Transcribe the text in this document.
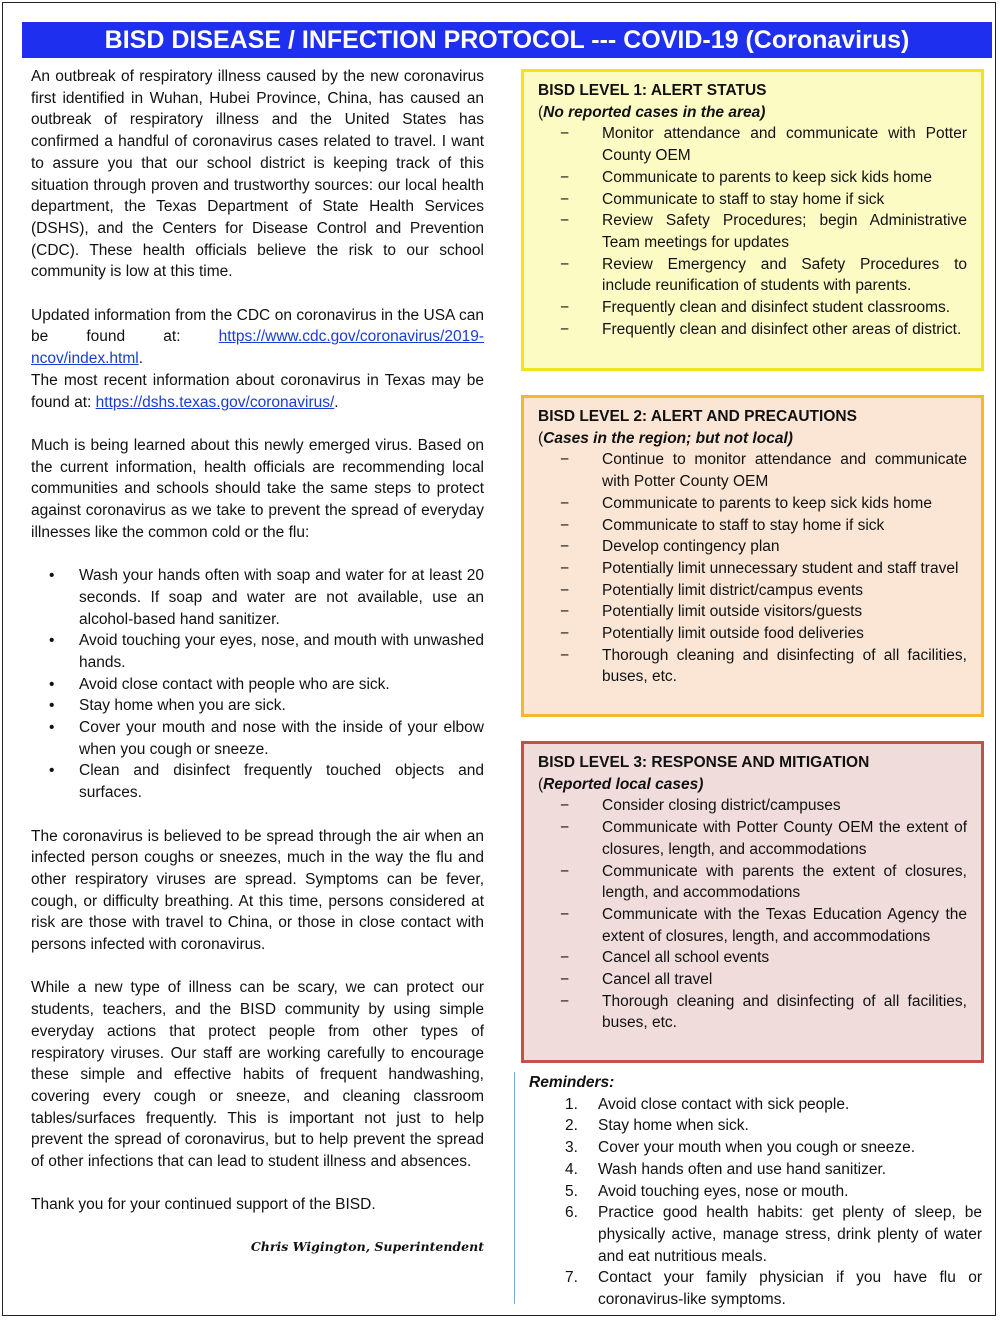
BISD DISEASE / INFECTION PROTOCOL --- COVID-19 (Coronavirus)

An outbreak of respiratory illness caused by the new coronavirus first identified in Wuhan, Hubei Province, China, has caused an outbreak of respiratory illness and the United States has confirmed a handful of coronavirus cases related to travel. I want to assure you that our school district is keeping track of this situation through proven and trustworthy sources: our local health department, the Texas Department of State Health Services (DSHS), and the Centers for Disease Control and Prevention (CDC). These health officials believe the risk to our school community is low at this time.

Updated information from the CDC on coronavirus in the USA can be found at: https://www.cdc.gov/coronavirus/2019-ncov/index.html.

The most recent information about coronavirus in Texas may be found at: https://dshs.texas.gov/coronavirus/.

Much is being learned about this newly emerged virus. Based on the current information, health officials are recommending local communities and schools should take the same steps to protect against coronavirus as we take to prevent the spread of everyday illnesses like the common cold or the flu:

• Wash your hands often with soap and water for at least 20 seconds. If soap and water are not available, use an alcohol-based hand sanitizer.
• Avoid touching your eyes, nose, and mouth with unwashed hands.
• Avoid close contact with people who are sick.
• Stay home when you are sick.
• Cover your mouth and nose with the inside of your elbow when you cough or sneeze.
• Clean and disinfect frequently touched objects and surfaces.

The coronavirus is believed to be spread through the air when an infected person coughs or sneezes, much in the way the flu and other respiratory viruses are spread. Symptoms can be fever, cough, or difficulty breathing. At this time, persons considered at risk are those with travel to China, or those in close contact with persons infected with coronavirus.

While a new type of illness can be scary, we can protect our students, teachers, and the BISD community by using simple everyday actions that protect people from other types of respiratory viruses. Our staff are working carefully to encourage these simple and effective habits of frequent handwashing, covering every cough or sneeze, and cleaning classroom tables/surfaces frequently. This is important not just to help prevent the spread of coronavirus, but to help prevent the spread of other infections that can lead to student illness and absences.

Thank you for your continued support of the BISD.

Chris Wigington, Superintendent
BISD LEVEL 1: ALERT STATUS
(No reported cases in the area)
− Monitor attendance and communicate with Potter County OEM
− Communicate to parents to keep sick kids home
− Communicate to staff to stay home if sick
− Review Safety Procedures; begin Administrative Team meetings for updates
− Review Emergency and Safety Procedures to include reunification of students with parents.
− Frequently clean and disinfect student classrooms.
− Frequently clean and disinfect other areas of district.
BISD LEVEL 2: ALERT AND PRECAUTIONS
(Cases in the region; but not local)
− Continue to monitor attendance and communicate with Potter County OEM
− Communicate to parents to keep sick kids home
− Communicate to staff to stay home if sick
− Develop contingency plan
− Potentially limit unnecessary student and staff travel
− Potentially limit district/campus events
− Potentially limit outside visitors/guests
− Potentially limit outside food deliveries
− Thorough cleaning and disinfecting of all facilities, buses, etc.
BISD LEVEL 3: RESPONSE AND MITIGATION
(Reported local cases)
− Consider closing district/campuses
− Communicate with Potter County OEM the extent of closures, length, and accommodations
− Communicate with parents the extent of closures, length, and accommodations
− Communicate with the Texas Education Agency the extent of closures, length, and accommodations
− Cancel all school events
− Cancel all travel
− Thorough cleaning and disinfecting of all facilities, buses, etc.
Reminders:
1. Avoid close contact with sick people.
2. Stay home when sick.
3. Cover your mouth when you cough or sneeze.
4. Wash hands often and use hand sanitizer.
5. Avoid touching eyes, nose or mouth.
6. Practice good health habits: get plenty of sleep, be physically active, manage stress, drink plenty of water and eat nutritious meals.
7. Contact your family physician if you have flu or coronavirus-like symptoms.
